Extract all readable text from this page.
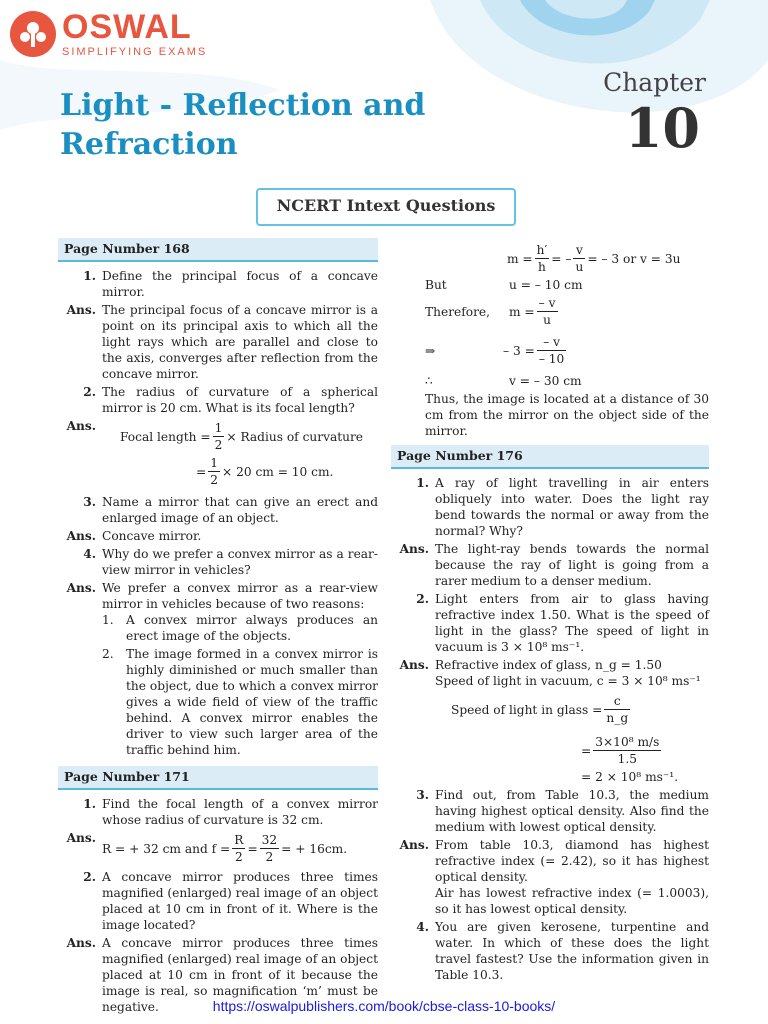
OSWAL
SIMPLIFYING EXAMS
Chapter
10
Light - Reflection and
Refraction
NCERT Intext Questions
Page Number 168
1. Define the principal focus of a concave mirror.
Ans. The principal focus of a concave mirror is a point on its principal axis to which all the light rays which are parallel and close to the axis, converges after reflection from the concave mirror.
2. The radius of curvature of a spherical mirror is 20 cm. What is its focal length?
Ans.
Focal length = $\frac{1}{2}$ × Radius of curvature
= $\frac{1}{2} \times 20$ cm = 10 cm.
3. Name a mirror that can give an erect and enlarged image of an object.
Ans. Concave mirror.
4. Why do we prefer a convex mirror as a rear-view mirror in vehicles?
Ans. We prefer a convex mirror as a rear-view mirror in vehicles because of two reasons:
1.	A convex mirror always produces an erect image of the objects.
2.	The image formed in a convex mirror is highly diminished or much smaller than the object, due to which a convex mirror gives a wide field of view of the traffic behind. A convex mirror enables the driver to view such larger area of the traffic behind him.
Page Number 171
1. Find the focal length of a convex mirror whose radius of curvature is 32 cm.
Ans.
R = + 32 cm and $f = \frac{R}{2} = \frac{32}{2}$ = + 16cm.
2. A concave mirror produces three times magnified (enlarged) real image of an object placed at 10 cm in front of it. Where is the image located?
Ans. A concave mirror produces three times magnified (enlarged) real image of an object placed at 10 cm in front of it because the image is real, so magnification ‘m’ must be negative.
$m = \frac{h'}{h}$ = – $\frac{v}{u}$ = – 3 or v = 3u
But	u = – 10 cm
Therefore,	$m = \frac{- v}{u}$
⇒	– $3 = \frac{- v}{- 10}$
∴	v = – 30 cm
Thus, the image is located at a distance of 30 cm from the mirror on the object side of the mirror.
Page Number 176
1. A ray of light travelling in air enters obliquely into water. Does the light ray bend towards the normal or away from the normal? Why?
Ans. The light-ray bends towards the normal because the ray of light is going from a rarer medium to a denser medium.
2. Light enters from air to glass having refractive index 1.50. What is the speed of light in the glass? The speed of light in vacuum is 3 × 10⁸ ms⁻¹.
Ans. Refractive index of glass, n_g = 1.50
Speed of light in vacuum, c = 3 × 10⁸ ms⁻¹
Speed of light in glass = $\frac{c}{n\_g}$
= $\frac{\text{3×10⁸ m/s}}{1.5}$
= 2 × 10⁸ ms⁻¹.
3. Find out, from Table 10.3, the medium having highest optical density. Also find the medium with lowest optical density.
Ans. From table 10.3, diamond has highest refractive index (= 2.42), so it has highest optical density.
Air has lowest refractive index (= 1.0003), so it has lowest optical density.
4. You are given kerosene, turpentine and water. In which of these does the light travel fastest? Use the information given in Table 10.3.
https://oswalpublishers.com/book/cbse-class-10-books/
